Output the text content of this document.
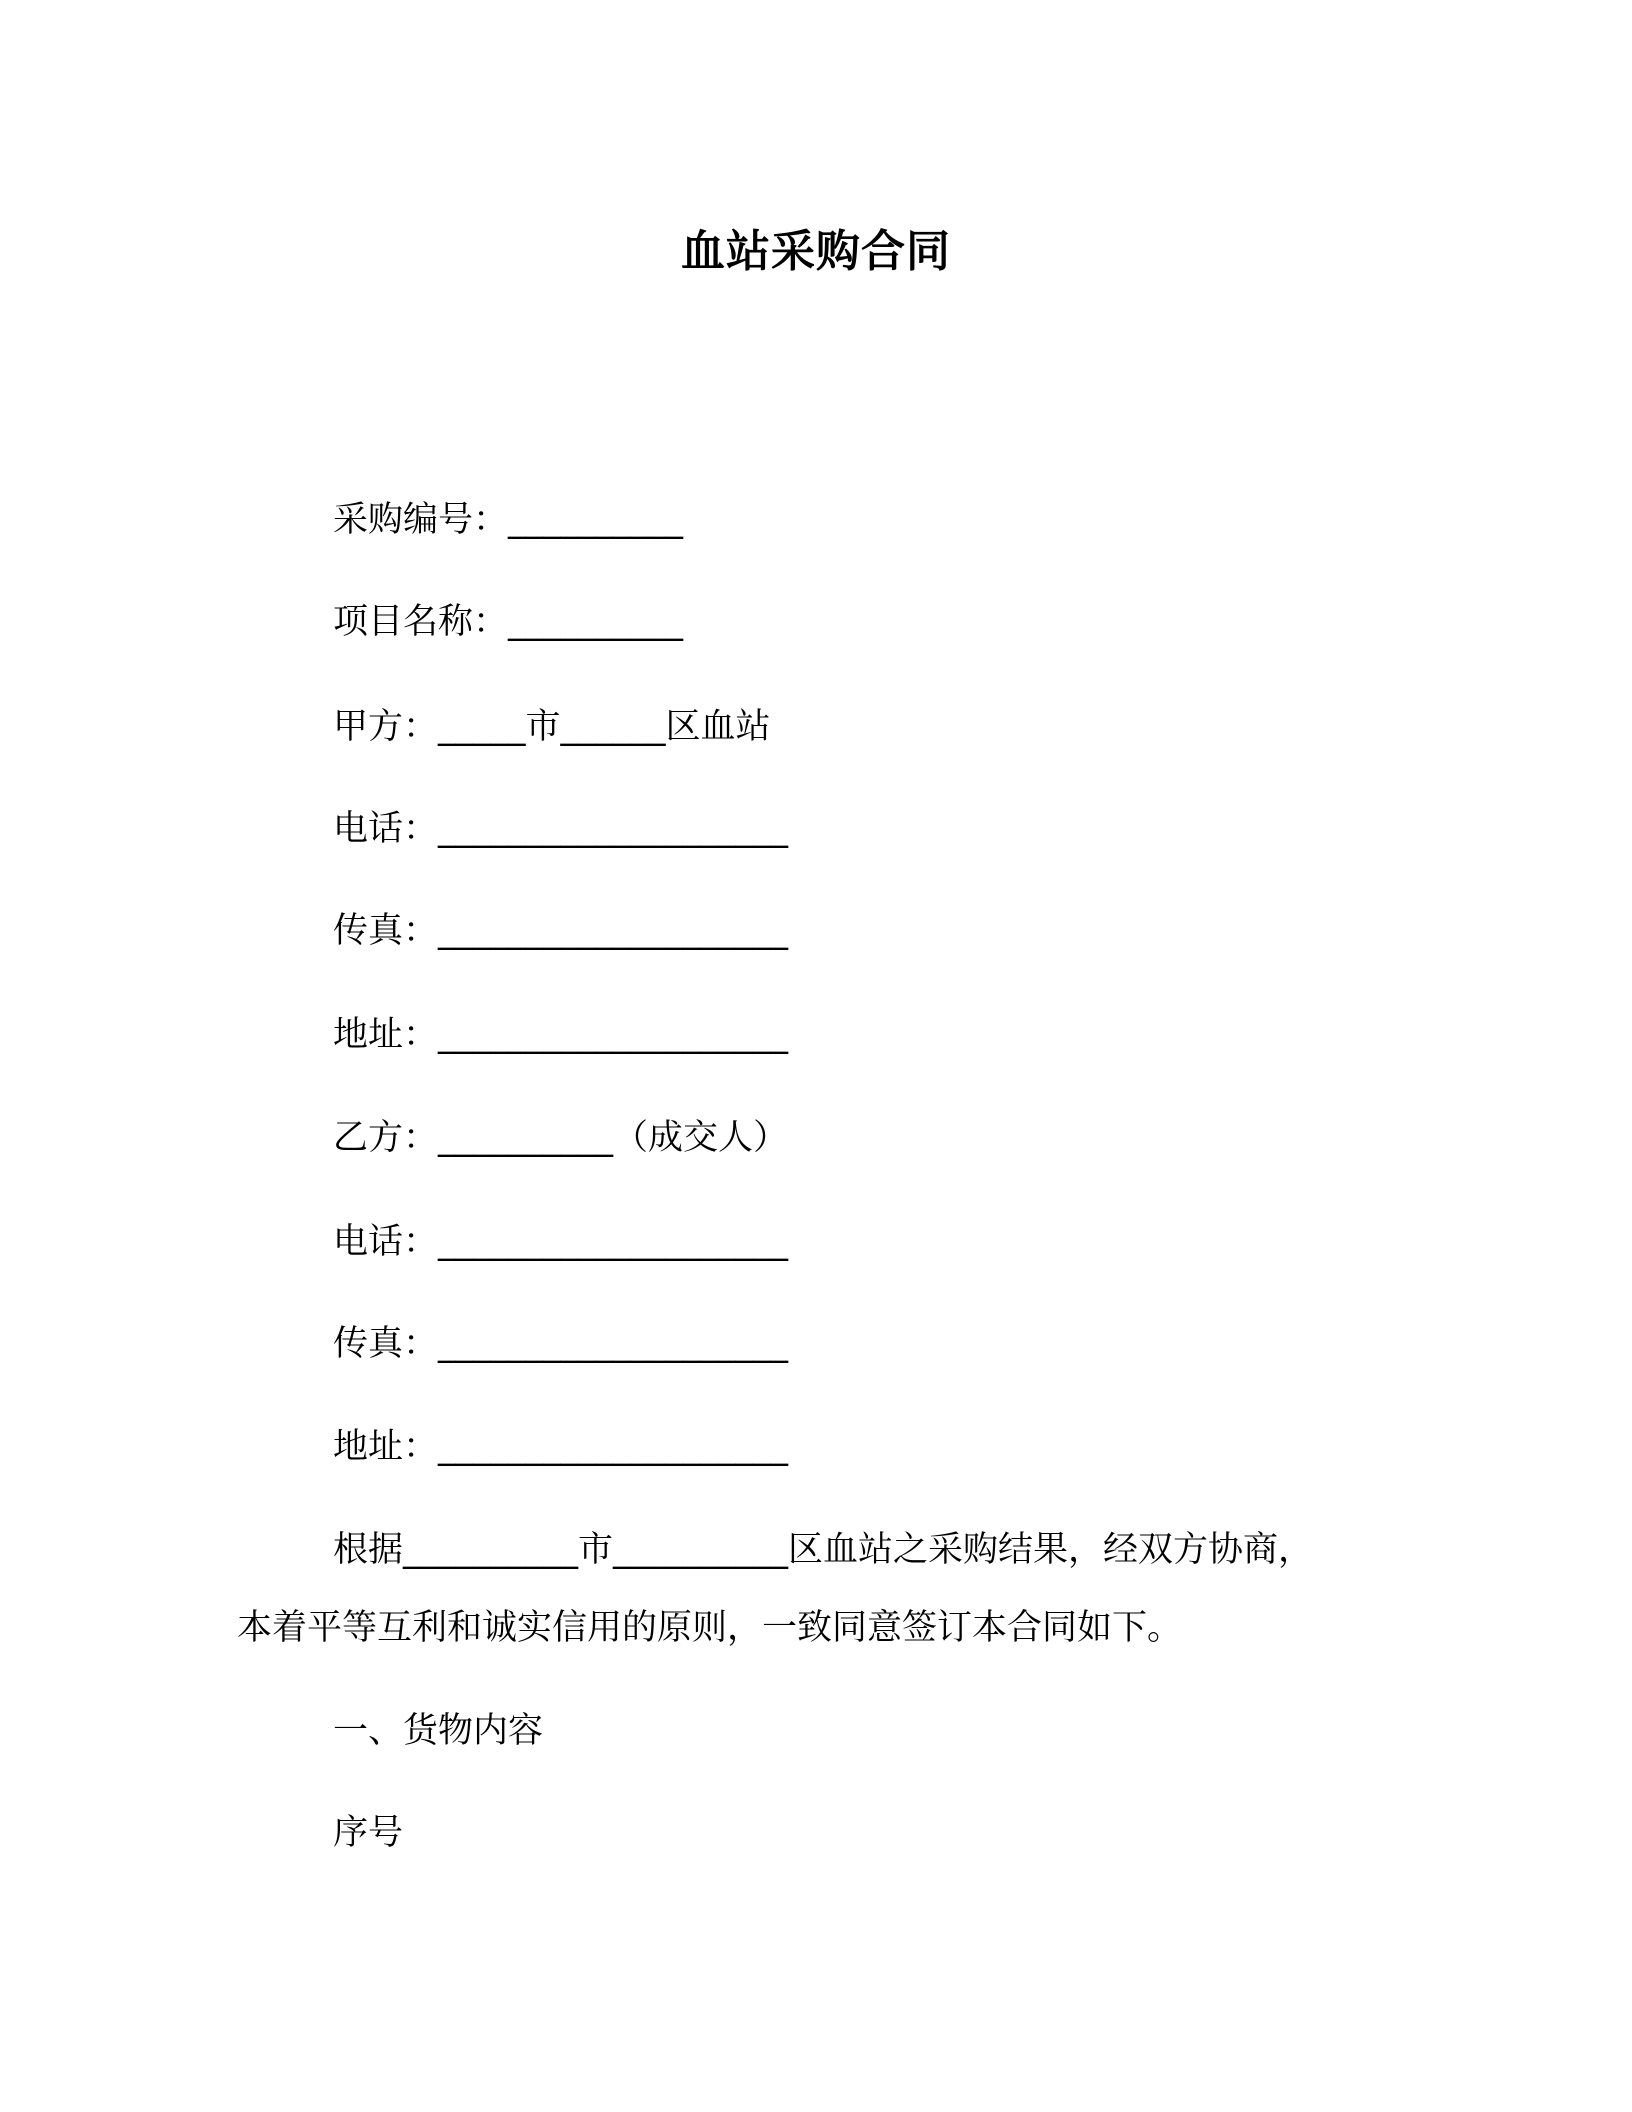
血站采购合同
采购编号：__________
项目名称：__________
甲方：_____市______区血站
电话：____________________
传真：____________________
地址：____________________
乙方：__________（成交人）
电话：____________________
传真：____________________
地址：____________________
根据__________市__________区血站之采购结果，经双方协商，
本着平等互利和诚实信用的原则，一致同意签订本合同如下。
一、货物内容
序号
